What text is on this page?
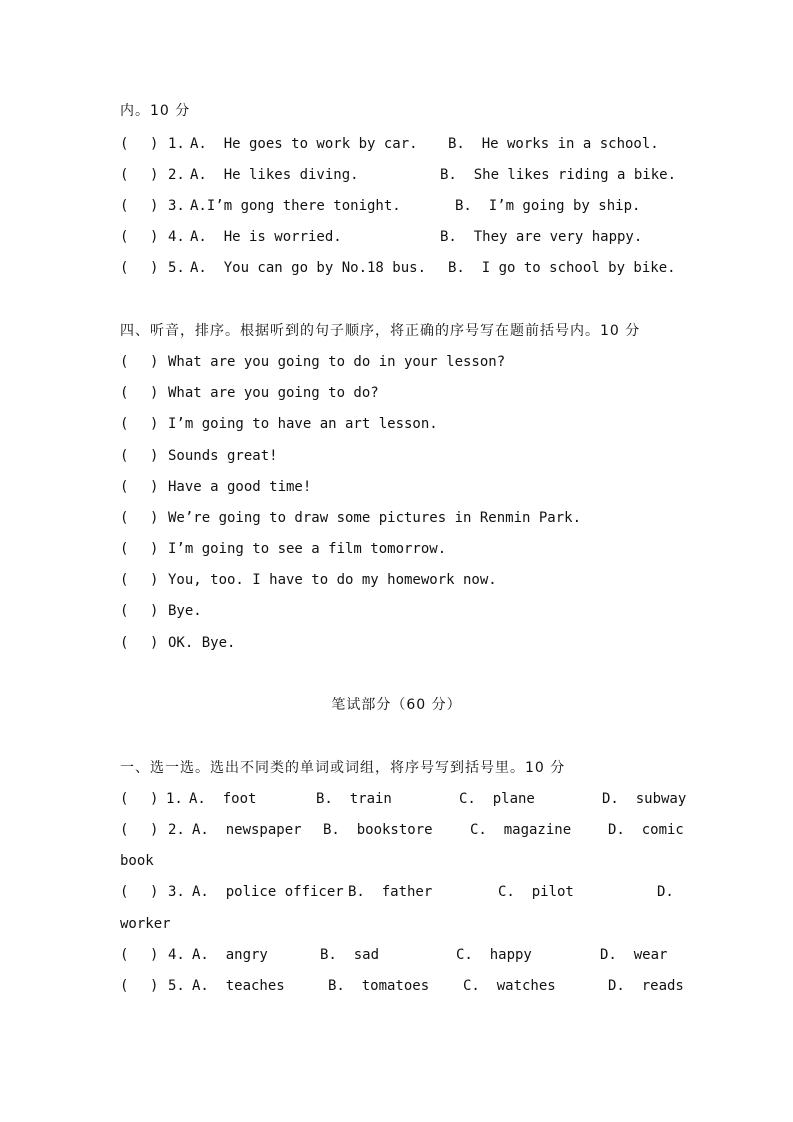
内。10 分
( ) 1. A.  He goes to work by car. B.  He works in a school.
( ) 2. A.  He likes diving.	B.  She likes riding a bike.
( ) 3. A.I’m gong there tonight.	B.  I’m going by ship.
( ) 4. A.  He is worried.	B.  They are very happy.
( ) 5. A.  You can go by No.18 bus. B.  I go to school by bike.
四、听音，排序。根据听到的句子顺序，将正确的序号写在题前括号内。10 分
( ) What are you going to do in your lesson?
( ) What are you going to do?
( ) I’m going to have an art lesson.
( ) Sounds great!
( ) Have a good time!
( ) We’re going to draw some pictures in Renmin Park.
( ) I’m going to see a film tomorrow.
( ) You, too. I have to do my homework now.
( ) Bye.
( ) OK. Bye.
笔试部分（60 分）
一、选一选。选出不同类的单词或词组，将序号写到括号里。10 分
( ) 1. A.  foot	B.  train	C.  plane	D.  subway
( ) 2. A.  newspaper B.  bookstore	C.  magazine	D.  comic
book
( ) 3. A.  police officer B.  father	C.  pilot	D.
worker
( ) 4. A.  angry	B.  sad	C.  happy	D.  wear
( ) 5. A.  teaches	B.  tomatoes C.  watches	D.  reads
